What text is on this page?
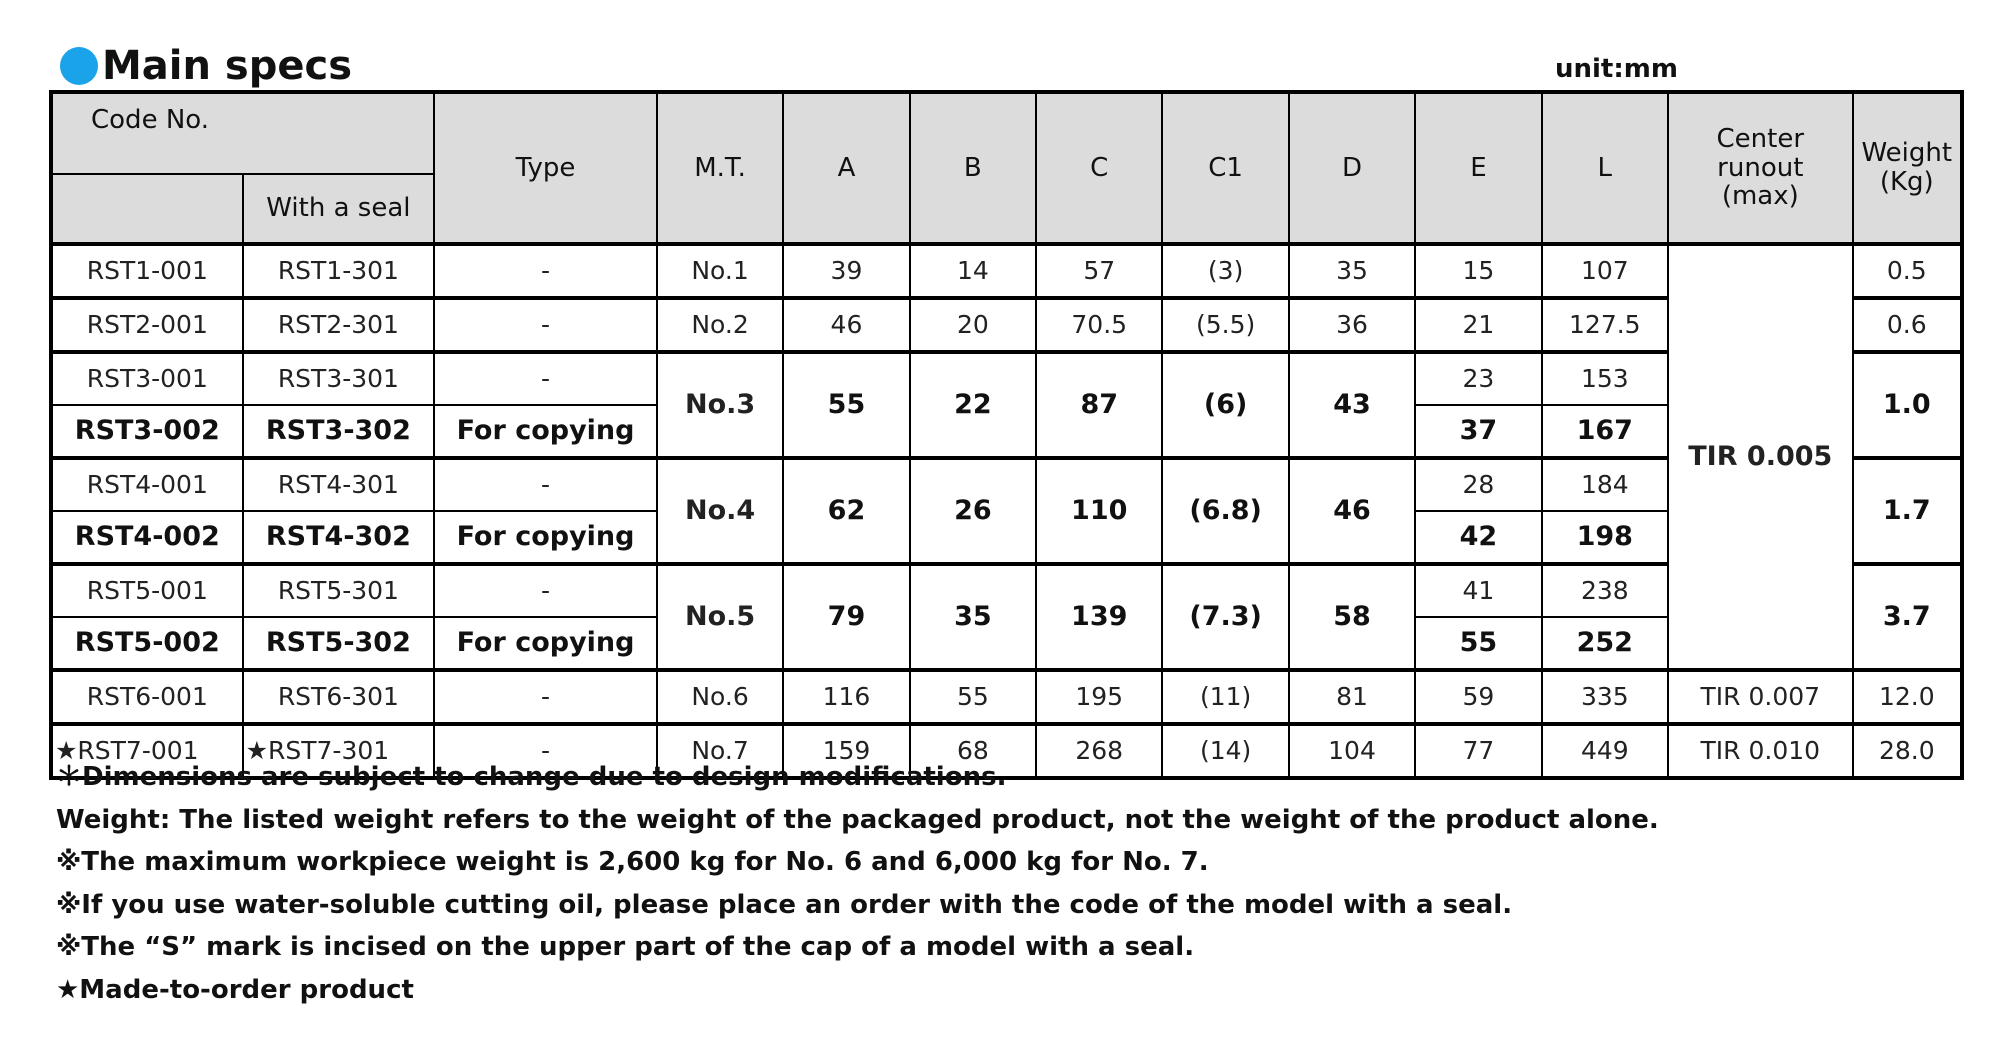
Main specs	unit:mm
Code No.		Type	M.T.	A	B	C	C1	D	E	L	Center runout (max)	Weight (Kg)
	With a seal											
RST1-001	RST1-301	-	No.1	39	14	57	(3)	35	15	107	TIR 0.005	0.5
RST2-001	RST2-301	-	No.2	46	20	70.5	(5.5)	36	21	127.5		0.6
RST3-001	RST3-301	-	No.3	55	22	87	(6)	43	23	153		1.0
RST3-002	RST3-302	For copying							37	167		
RST4-001	RST4-301	-	No.4	62	26	110	(6.8)	46	28	184		1.7
RST4-002	RST4-302	For copying							42	198		
RST5-001	RST5-301	-	No.5	79	35	139	(7.3)	58	41	238		3.7
RST5-002	RST5-302	For copying							55	252		
RST6-001	RST6-301	-	No.6	116	55	195	(11)	81	59	335	TIR 0.007	12.0
★RST7-001	★RST7-301	-	No.7	159	68	268	(14)	104	77	449	TIR 0.010	28.0
＊Dimensions are subject to change due to design modifications.
Weight: The listed weight refers to the weight of the packaged product, not the weight of the product alone.
※The maximum workpiece weight is 2,600 kg for No. 6 and 6,000 kg for No. 7.
※If you use water-soluble cutting oil, please place an order with the code of the model with a seal.
※The “S” mark is incised on the upper part of the cap of a model with a seal.
★Made-to-order product
